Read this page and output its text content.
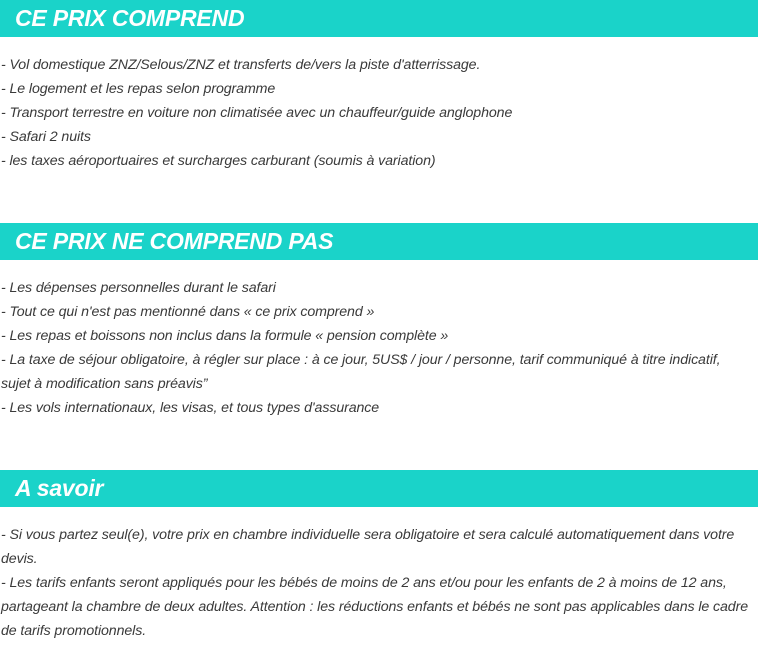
CE PRIX COMPREND
- Vol domestique ZNZ/Selous/ZNZ et transferts de/vers la piste d'atterrissage.
- Le logement et les repas selon programme
- Transport terrestre en voiture non climatisée avec un chauffeur/guide anglophone
- Safari 2 nuits
- les taxes aéroportuaires et surcharges carburant (soumis à variation)
CE PRIX NE COMPREND PAS
- Les dépenses personnelles durant le safari
- Tout ce qui n'est pas mentionné dans « ce prix comprend »
- Les repas et boissons non inclus dans la formule « pension complète »
- La taxe de séjour obligatoire, à régler sur place : à ce jour, 5US$ / jour / personne, tarif communiqué à titre indicatif, sujet à modification sans préavis”
- Les vols internationaux, les visas, et tous types d'assurance
A savoir
- Si vous partez seul(e), votre prix en chambre individuelle sera obligatoire et sera calculé automatiquement dans votre devis.
- Les tarifs enfants seront appliqués pour les bébés de moins de 2 ans et/ou pour les enfants de 2 à moins de 12 ans, partageant la chambre de deux adultes. Attention : les réductions enfants et bébés ne sont pas applicables dans le cadre de tarifs promotionnels.
